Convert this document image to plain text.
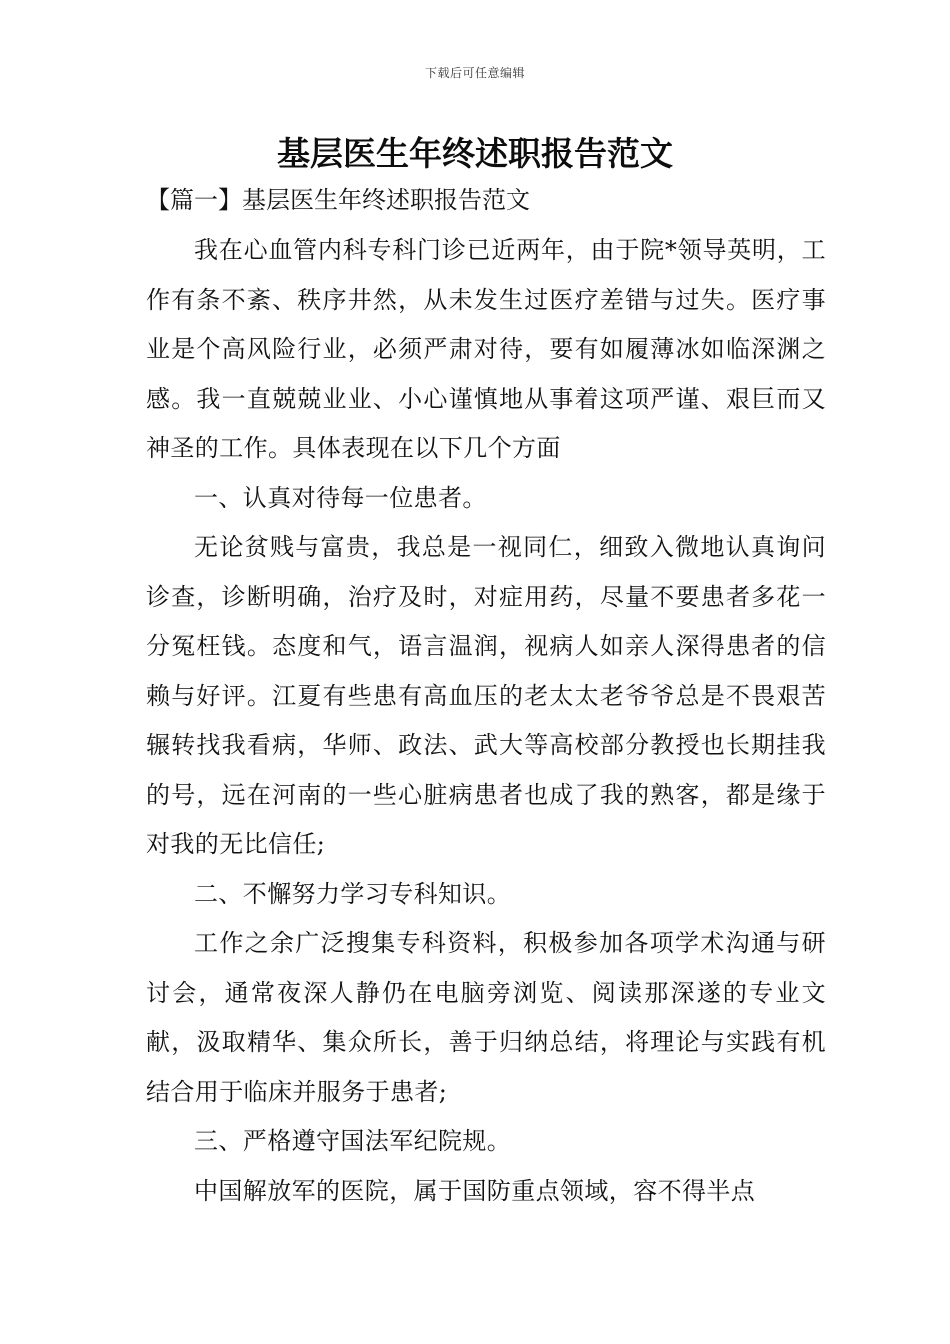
下载后可任意编辑
基层医生年终述职报告范文
【篇一】基层医生年终述职报告范文

我在心血管内科专科门诊已近两年，由于院*领导英明，工作有条不紊、秩序井然，从未发生过医疗差错与过失。医疗事业是个高风险行业，必须严肃对待，要有如履薄冰如临深渊之感。我一直兢兢业业、小心谨慎地从事着这项严谨、艰巨而又神圣的工作。具体表现在以下几个方面

一、认真对待每一位患者。

无论贫贱与富贵，我总是一视同仁，细致入微地认真询问诊查，诊断明确，治疗及时，对症用药，尽量不要患者多花一分冤枉钱。态度和气，语言温润，视病人如亲人深得患者的信赖与好评。江夏有些患有高血压的老太太老爷爷总是不畏艰苦辗转找我看病，华师、政法、武大等高校部分教授也长期挂我的号，远在河南的一些心脏病患者也成了我的熟客，都是缘于对我的无比信任;

二、不懈努力学习专科知识。

工作之余广泛搜集专科资料，积极参加各项学术沟通与研讨会，通常夜深人静仍在电脑旁浏览、阅读那深遂的专业文献，汲取精华、集众所长，善于归纳总结，将理论与实践有机结合用于临床并服务于患者;

三、严格遵守国法军纪院规。

中国解放军的医院，属于国防重点领域，容不得半点
